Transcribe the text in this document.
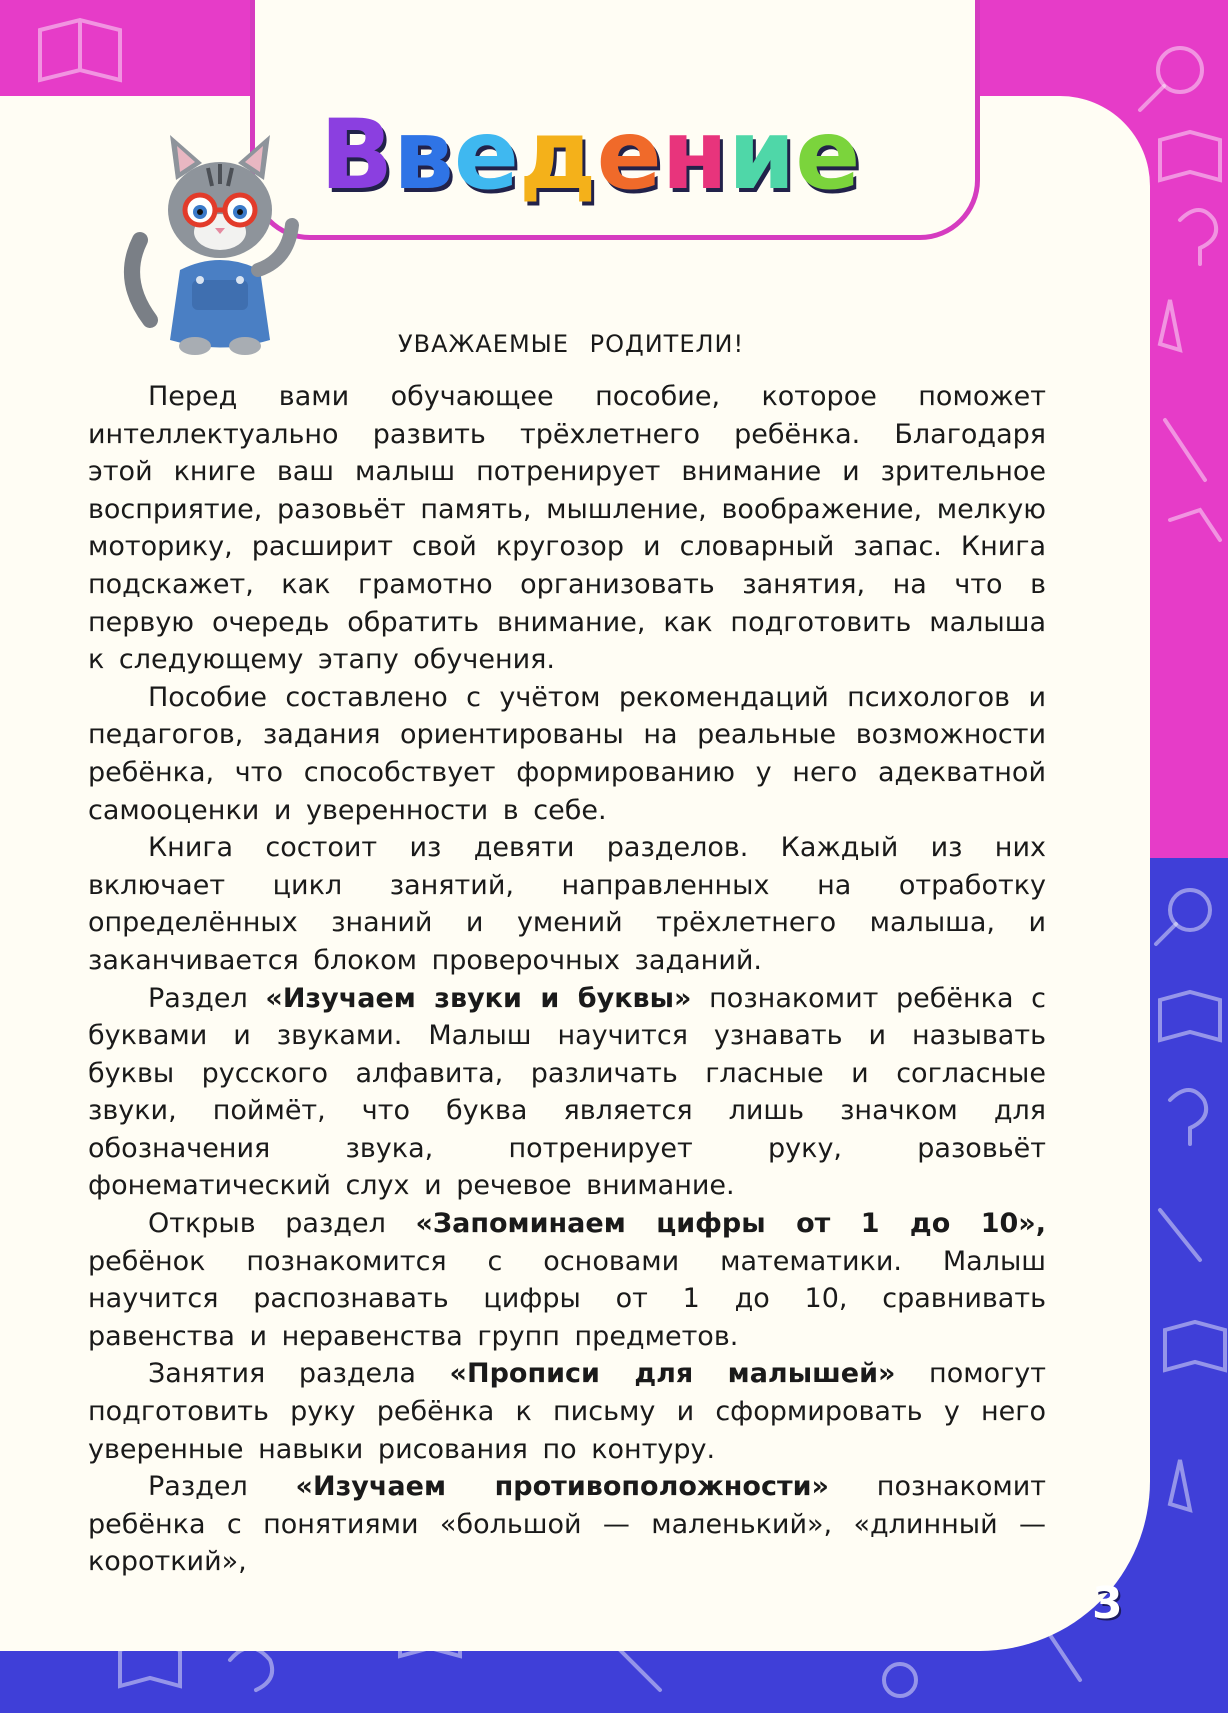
Введение
УВАЖАЕМЫЕ РОДИТЕЛИ!

Перед вами обучающее пособие, которое поможет интеллектуально развить трёхлетнего ребёнка. Благодаря этой книге ваш малыш потренирует внимание и зрительное восприятие, разовьёт память, мышление, воображение, мелкую моторику, расширит свой кругозор и словарный запас. Книга подскажет, как грамотно организовать занятия, на что в первую очередь обратить внимание, как подготовить малыша к следующему этапу обучения.

Пособие составлено с учётом рекомендаций психологов и педагогов, задания ориентированы на реальные возможности ребёнка, что способствует формированию у него адекватной самооценки и уверенности в себе.

Книга состоит из девяти разделов. Каждый из них включает цикл занятий, направленных на отработку определённых знаний и умений трёхлетнего малыша, и заканчивается блоком проверочных заданий.

Раздел «Изучаем звуки и буквы» познакомит ребёнка с буквами и звуками. Малыш научится узнавать и называть буквы русского алфавита, различать гласные и согласные звуки, поймёт, что буква является лишь значком для обозначения звука, потренирует руку, разовьёт фонематический слух и речевое внимание.

Открыв раздел «Запоминаем цифры от 1 до 10», ребёнок познакомится с основами математики. Малыш научится распознавать цифры от 1 до 10, сравнивать равенства и неравенства групп предметов.

Занятия раздела «Прописи для малышей» помогут подготовить руку ребёнка к письму и сформировать у него уверенные навыки рисования по контуру.

Раздел «Изучаем противоположности» познакомит ребёнка с понятиями «большой — маленький», «длинный — короткий»,

3
